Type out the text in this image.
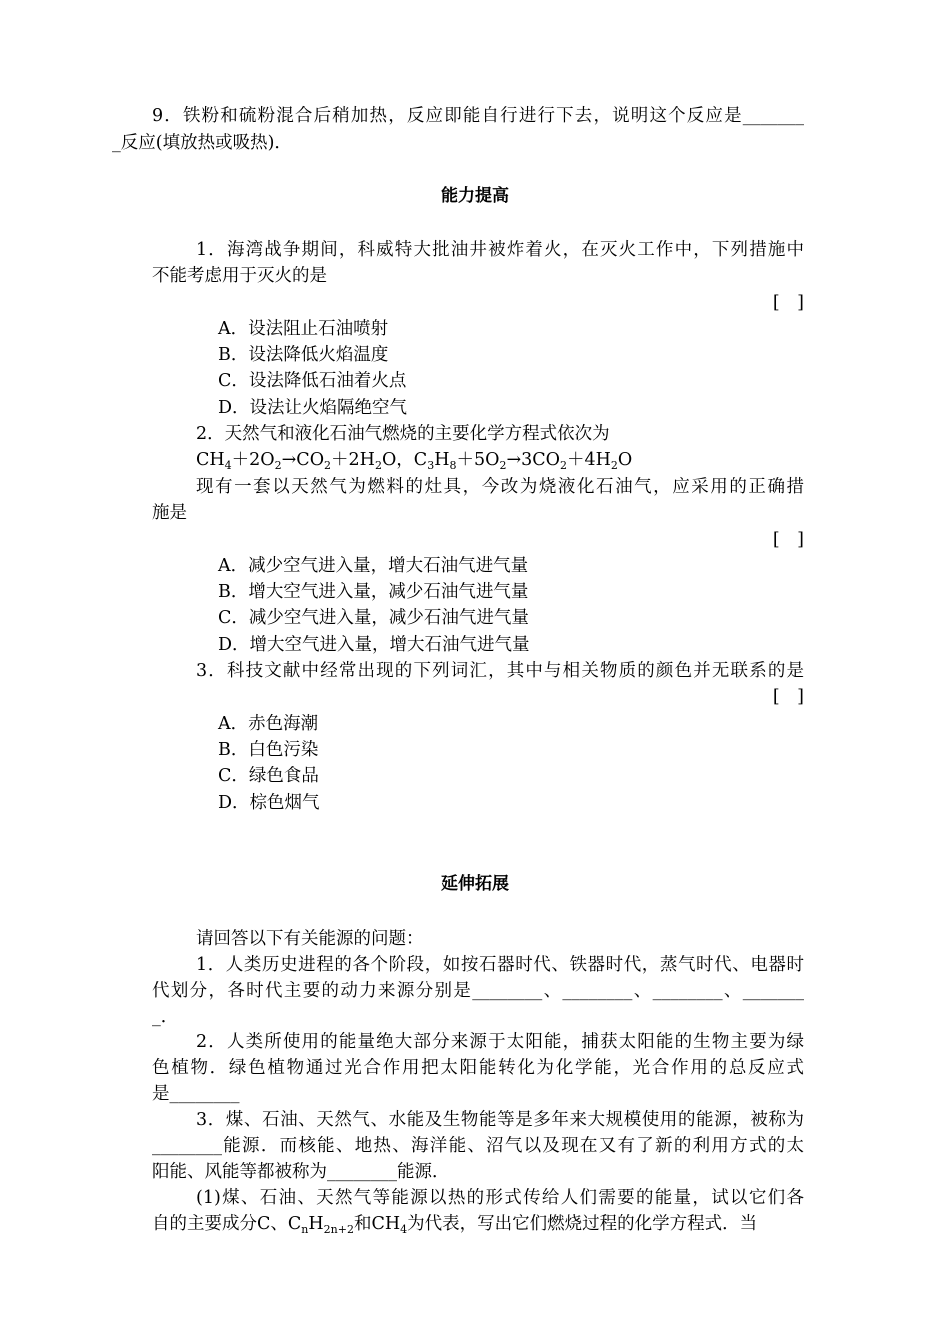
9．铁粉和硫粉混合后稍加热，反应即能自行进行下去，说明这个反应是_______
_反应(填放热或吸热)．
能力提高
1．海湾战争期间，科威特大批油井被炸着火，在灭火工作中，下列措施中
不能考虑用于灭火的是
[　]
A．设法阻止石油喷射
B．设法降低火焰温度
C．设法降低石油着火点
D．设法让火焰隔绝空气
2．天然气和液化石油气燃烧的主要化学方程式依次为
$CH_4+2O_2\to CO_2+2H_2O$，$C_3H_8+5O_2\to 3CO_2+4H_2O$
现有一套以天然气为燃料的灶具，今改为烧液化石油气，应采用的正确措
施是
[　]
A．减少空气进入量，增大石油气进气量
B．增大空气进入量，减少石油气进气量
C．减少空气进入量，减少石油气进气量
D．增大空气进入量，增大石油气进气量
3．科技文献中经常出现的下列词汇，其中与相关物质的颜色并无联系的是
[　]
A．赤色海潮
B．白色污染
C．绿色食品
D．棕色烟气
延伸拓展
请回答以下有关能源的问题：
1．人类历史进程的各个阶段，如按石器时代、铁器时代，蒸气时代、电器时
代划分，各时代主要的动力来源分别是________、________、________、_______
_．
2．人类所使用的能量绝大部分来源于太阳能，捕获太阳能的生物主要为绿
色植物．绿色植物通过光合作用把太阳能转化为化学能，光合作用的总反应式
是________
3．煤、石油、天然气、水能及生物能等是多年来大规模使用的能源，被称为
________能源．而核能、地热、海洋能、沼气以及现在又有了新的利用方式的太
阳能、风能等都被称为________能源．
(1)煤、石油、天然气等能源以热的形式传给人们需要的能量，试以它们各
自的主要成分C、$C_nH_{2n+2}$和$CH_4$为代表，写出它们燃烧过程的化学方程式．当
